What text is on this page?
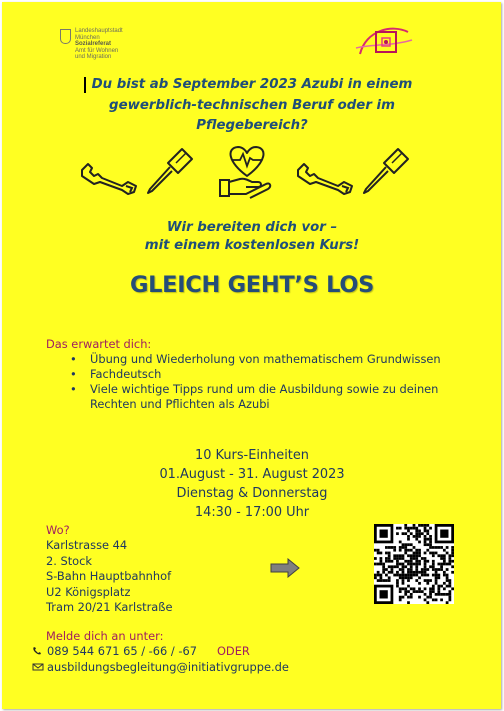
Landeshauptstadt
München
Sozialreferat
Amt für Wohnen
und Migration
Du bist ab September 2023 Azubi in einem
gewerblich-technischen Beruf oder im
Pflegebereich?
Wir bereiten dich vor –
mit einem kostenlosen Kurs!
GLEICH GEHT’S LOS
Das erwartet dich:
• Übung und Wiederholung von mathematischem Grundwissen
• Fachdeutsch
• Viele wichtige Tipps rund um die Ausbildung sowie zu deinen Rechten und Pflichten als Azubi
10 Kurs-Einheiten
01.August - 31. August 2023
Dienstag & Donnerstag
14:30 - 17:00 Uhr
Wo?
Karlstrasse 44
2. Stock
S-Bahn Hauptbahnhof
U2 Königsplatz
Tram 20/21 Karlstraße
Melde dich an unter:
089 544 671 65 / -66 / -67 ODER
ausbildungsbegleitung@initiativgruppe.de
